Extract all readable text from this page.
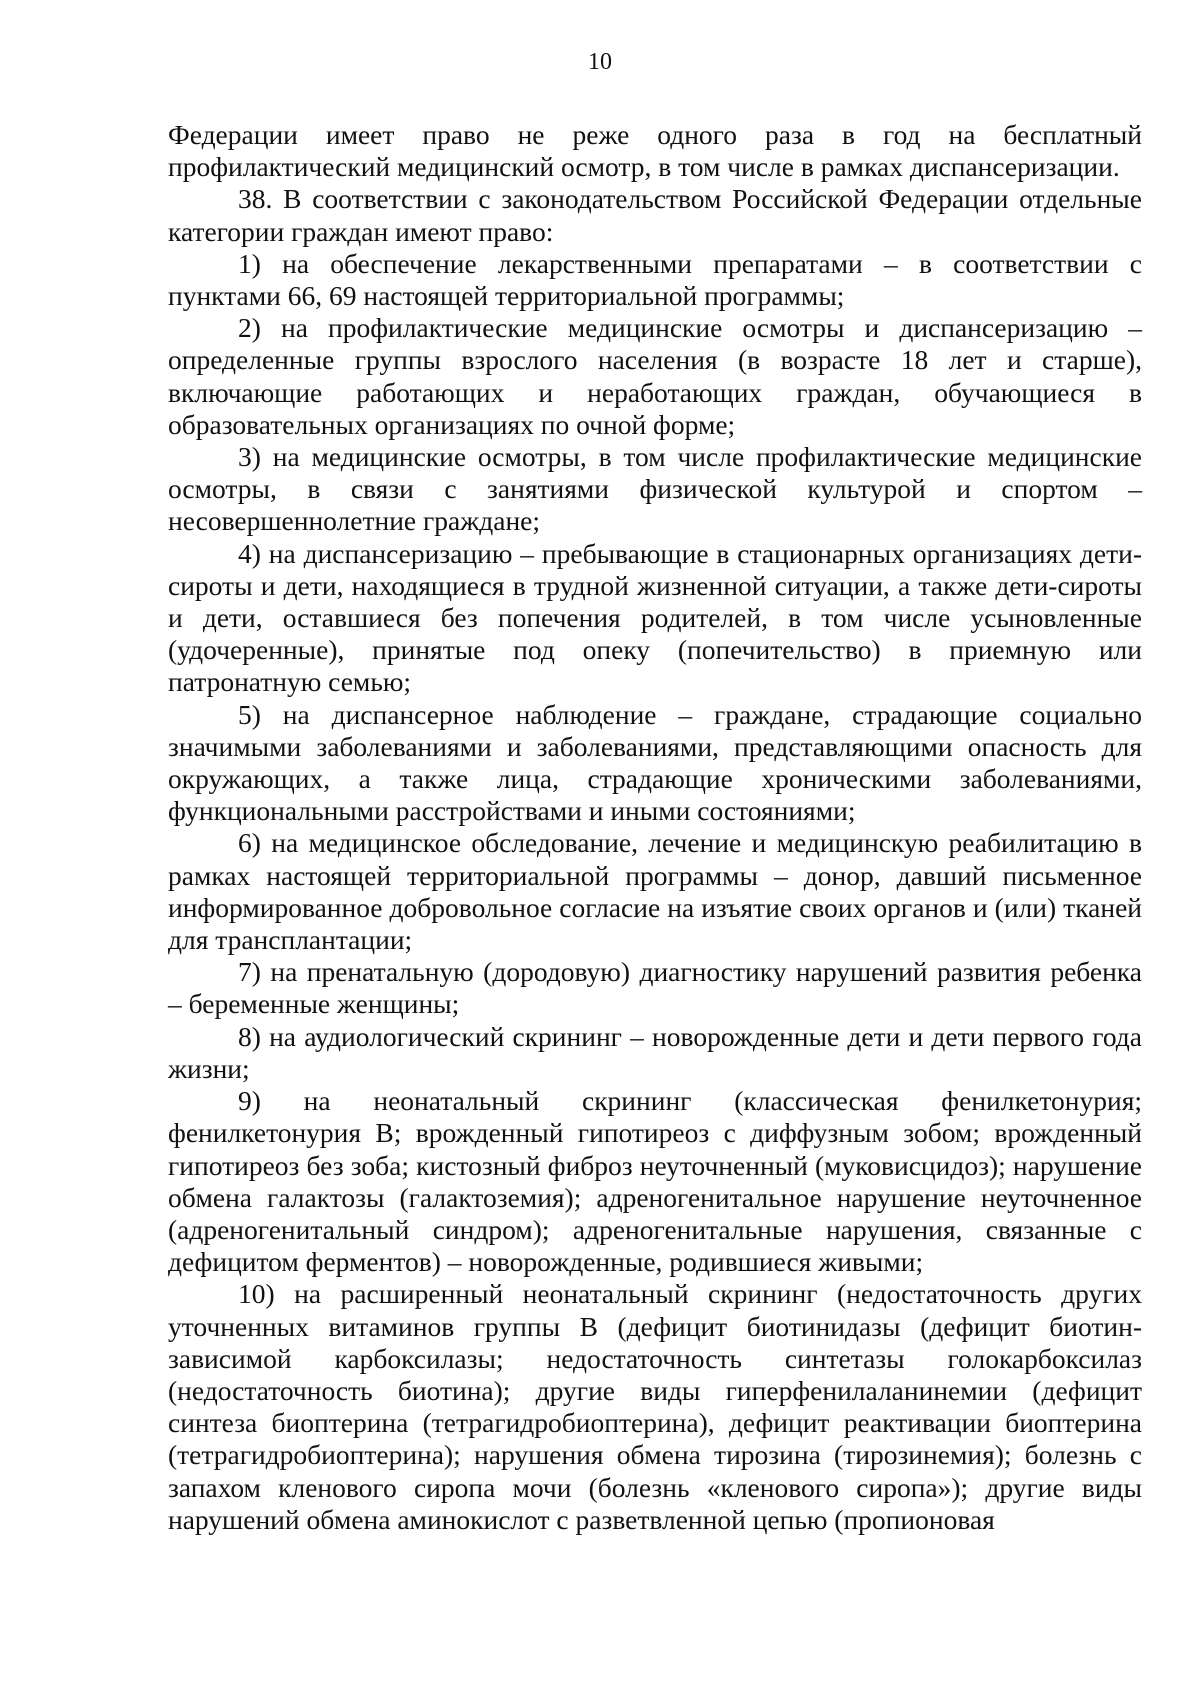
10

Федерации имеет право не реже одного раза в год на бесплатный профилактический медицинский осмотр, в том числе в рамках диспансеризации.

38. В соответствии с законодательством Российской Федерации отдельные категории граждан имеют право:

1) на обеспечение лекарственными препаратами – в соответствии с пунктами 66, 69 настоящей территориальной программы;

2) на профилактические медицинские осмотры и диспансеризацию – определенные группы взрослого населения (в возрасте 18 лет и старше), включающие работающих и неработающих граждан, обучающиеся в образовательных организациях по очной форме;

3) на медицинские осмотры, в том числе профилактические медицинские осмотры, в связи с занятиями физической культурой и спортом – несовершеннолетние граждане;

4) на диспансеризацию – пребывающие в стационарных организациях дети-сироты и дети, находящиеся в трудной жизненной ситуации, а также дети-сироты и дети, оставшиеся без попечения родителей, в том числе усыновленные (удочеренные), принятые под опеку (попечительство) в приемную или патронатную семью;

5) на диспансерное наблюдение – граждане, страдающие социально значимыми заболеваниями и заболеваниями, представляющими опасность для окружающих, а также лица, страдающие хроническими заболеваниями, функциональными расстройствами и иными состояниями;

6) на медицинское обследование, лечение и медицинскую реабилитацию в рамках настоящей территориальной программы – донор, давший письменное информированное добровольное согласие на изъятие своих органов и (или) тканей для трансплантации;

7) на пренатальную (дородовую) диагностику нарушений развития ребенка – беременные женщины;

8) на аудиологический скрининг – новорожденные дети и дети первого года жизни;

9) на неонатальный скрининг (классическая фенилкетонурия; фенилкетонурия B; врожденный гипотиреоз с диффузным зобом; врожденный гипотиреоз без зоба; кистозный фиброз неуточненный (муковисцидоз); нарушение обмена галактозы (галактоземия); адреногенитальное нарушение неуточненное (адреногенитальный синдром); адреногенитальные нарушения, связанные с дефицитом ферментов) – новорожденные, родившиеся живыми;

10) на расширенный неонатальный скрининг (недостаточность других уточненных витаминов группы B (дефицит биотинидазы (дефицит биотин-зависимой карбоксилазы; недостаточность синтетазы голокарбоксилаз (недостаточность биотина); другие виды гиперфенилаланинемии (дефицит синтеза биоптерина (тетрагидробиоптерина), дефицит реактивации биоптерина (тетрагидробиоптерина); нарушения обмена тирозина (тирозинемия); болезнь с запахом кленового сиропа мочи (болезнь «кленового сиропа»); другие виды нарушений обмена аминокислот с разветвленной цепью (пропионовая
